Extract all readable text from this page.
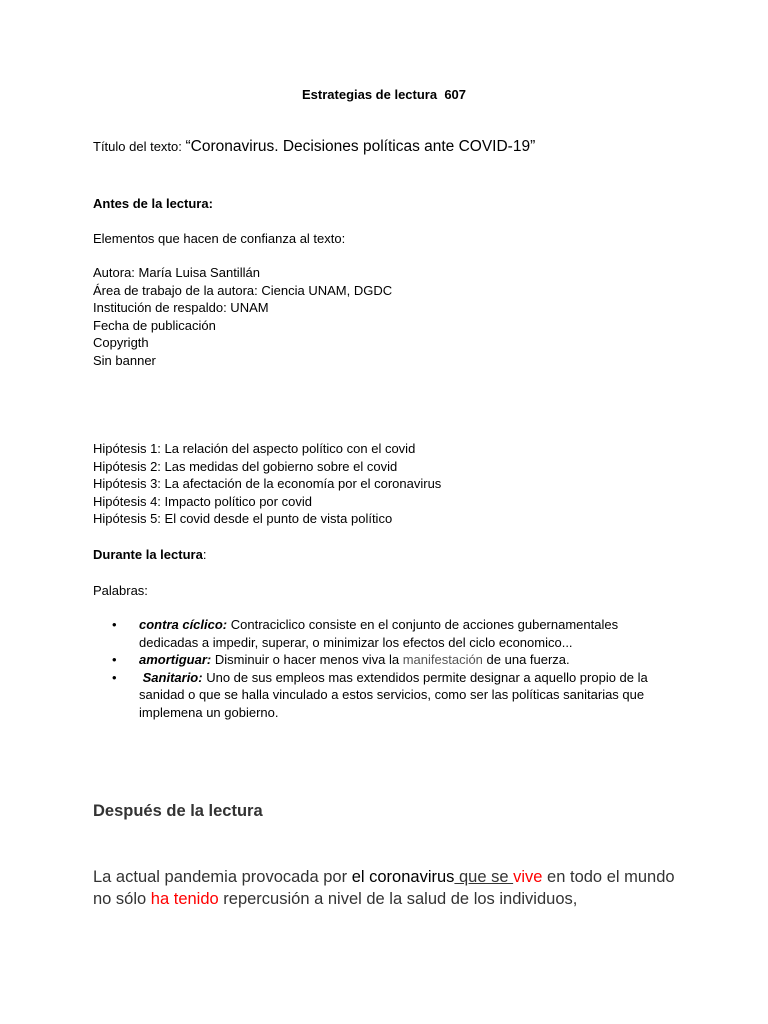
Estrategias de lectura  607
Título del texto: “Coronavirus. Decisiones políticas ante COVID-19”
Antes de la lectura:
Elementos que hacen de confianza al texto:
Autora: María Luisa Santillán
Área de trabajo de la autora: Ciencia UNAM, DGDC
Institución de respaldo: UNAM
Fecha de publicación
Copyrigth
Sin banner
Hipótesis 1: La relación del aspecto político con el covid
Hipótesis 2: Las medidas del gobierno sobre el covid
Hipótesis 3: La afectación de la economía por el coronavirus
Hipótesis 4: Impacto político por covid
Hipótesis 5: El covid desde el punto de vista político
Durante la lectura:
Palabras:
• contra cíclico: Contraciclico consiste en el conjunto de acciones gubernamentales dedicadas a impedir, superar, o minimizar los efectos del ciclo economico...
• amortiguar: Disminuir o hacer menos viva la manifestación de una fuerza.
• Sanitario: Uno de sus empleos mas extendidos permite designar a aquello propio de la sanidad o que se halla vinculado a estos servicios, como ser las políticas sanitarias que implemena un gobierno.
Después de la lectura
La actual pandemia provocada por el coronavirus que se vive en todo el mundo no sólo ha tenido repercusión a nivel de la salud de los individuos,
